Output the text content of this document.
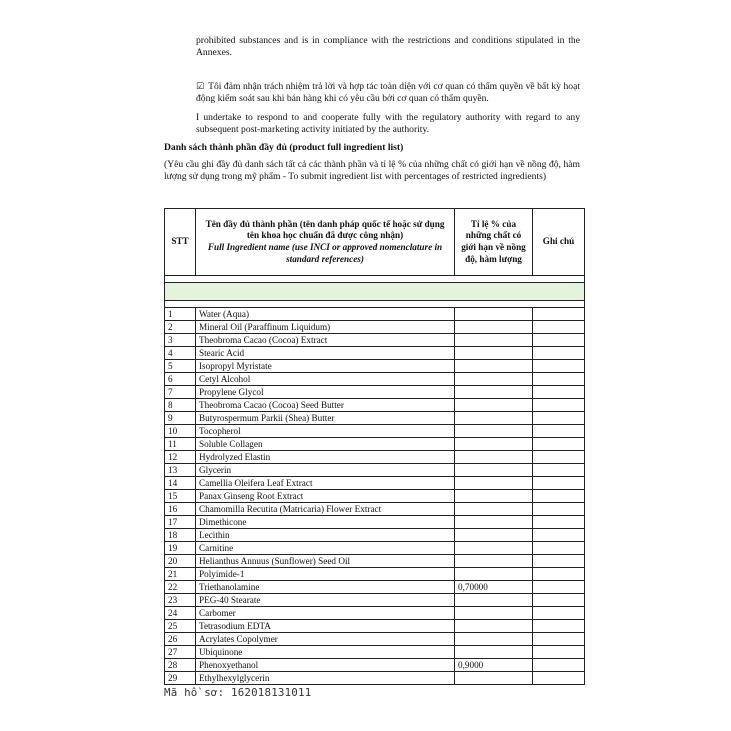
prohibited substances and is in compliance with the restrictions and conditions stipulated in the Annexes.
☑ Tôi đảm nhận trách nhiệm trả lời và hợp tác toàn diện với cơ quan có thẩm quyền về bất kỳ hoạt động kiểm soát sau khi bán hàng khi có yêu cầu bởi cơ quan có thẩm quyền.
I undertake to respond to and cooperate fully with the regulatory authority with regard to any subsequent post-marketing activity initiated by the authority.
Danh sách thành phần đầy đủ (product full ingredient list)
(Yêu cầu ghi đầy đủ danh sách tất cả các thành phần và tỉ lệ % của những chất có giới hạn về nồng độ, hàm lượng sử dụng trong mỹ phẩm - To submit ingredient list with percentages of restricted ingredients)
STT	Tên đầy đủ thành phần (tên danh pháp quốc tế hoặc sử dụng tên khoa học chuẩn đã được công nhận)
Full Ingredient name (use INCI or approved nomenclature in standard references)	Tỉ lệ % của những chất có giới hạn về nồng độ, hàm lượng	Ghi chú

1	Water (Aqua)		
2	Mineral Oil (Paraffinum Liquidum)		
3	Theobroma Cacao (Cocoa) Extract		
4	Stearic Acid		
5	Isopropyl Myristate		
6	Cetyl Alcohol		
7	Propylene Glycol		
8	Theobroma Cacao (Cocoa) Seed Butter		
9	Butyrospermum Parkii (Shea) Butter		
10	Tocopherol		
11	Soluble Collagen		
12	Hydrolyzed Elastin		
13	Glycerin		
14	Camellia Oleifera Leaf Extract		
15	Panax Ginseng Root Extract		
16	Chamomilla Recutita (Matricaria) Flower Extract		
17	Dimethicone		
18	Lecithin		
19	Carnitine		
20	Helianthus Annuus (Sunflower) Seed Oil		
21	Polyimide-1		
22	Triethanolamine	0,70000	
23	PEG-40 Stearate		
24	Carbomer		
25	Tetrasodium EDTA		
26	Acrylates Copolymer		
27	Ubiquinone		
28	Phenoxyethanol	0,9000	
29	Ethylhexylglycerin		
Mã hồ sơ: 162018131011
